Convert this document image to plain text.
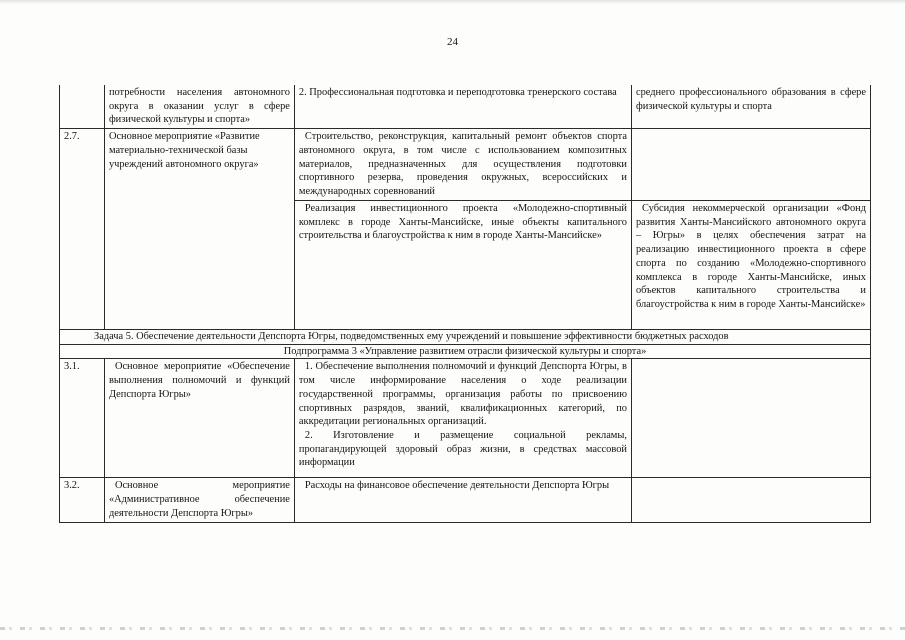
24
	потребности населения автономного округа в оказании услуг в сфере физической культуры и спорта»	2. Профессиональная подготовка и переподготовка тренерского состава	среднего профессионального образования в сфере физической культуры и спорта
2.7.	Основное мероприятие «Развитие материально-технической базы учреждений автономного округа»	Строительство, реконструкция, капитальный ремонт объектов спорта автономного округа, в том числе с использованием композитных материалов, предназначенных для осуществления подготовки спортивного резерва, проведения окружных, всероссийских и международных соревнований	
		Реализация инвестиционного проекта «Молодежно-спортивный комплекс в городе Ханты-Мансийске, иные объекты капитального строительства и благоустройства к ним в городе Ханты-Мансийске»	Субсидия некоммерческой организации «Фонд развития Ханты-Мансийского автономного округа – Югры» в целях обеспечения затрат на реализацию инвестиционного проекта в сфере спорта по созданию «Молодежно-спортивного комплекса в городе Ханты-Мансийске, иных объектов капитального строительства и благоустройства к ним в городе Ханты-Мансийске»

Задача 5. Обеспечение деятельности Депспорта Югры, подведомственных ему учреждений и повышение эффективности бюджетных расходов			

Подпрограмма 3 «Управление развитием отрасли физической культуры и спорта»			
3.1.	Основное мероприятие «Обеспечение выполнения полномочий и функций Депспорта Югры»	1. Обеспечение выполнения полномочий и функций Депспорта Югры, в том числе информирование населения о ходе реализации государственной программы, организация работы по присвоению спортивных разрядов, званий, квалификационных категорий, по аккредитации региональных организаций.
2. Изготовление и размещение социальной рекламы, пропагандирующей здоровый образ жизни, в средствах массовой информации	

3.2.	Основное мероприятие «Административное обеспечение деятельности Депспорта Югры»	Расходы на финансовое обеспечение деятельности Депспорта Югры	
